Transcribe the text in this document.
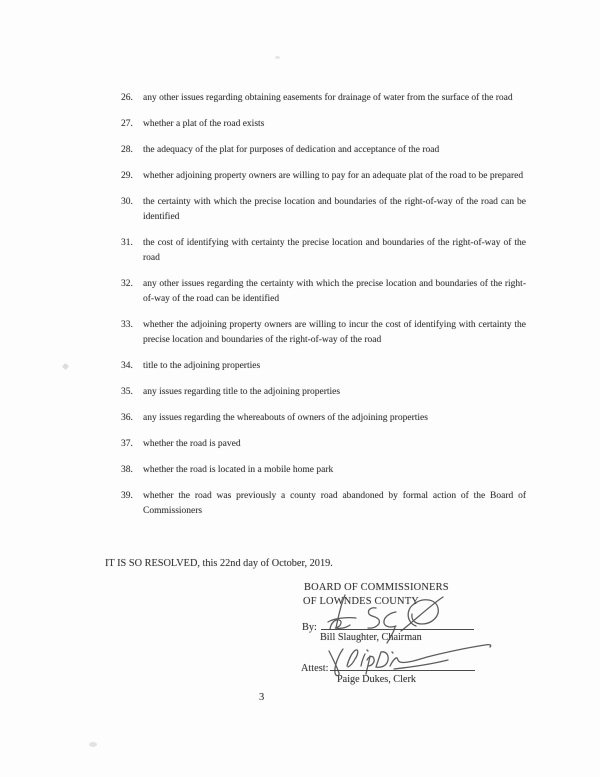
26.	any other issues regarding obtaining easements for drainage of water from the surface of the road
27.	whether a plat of the road exists
28.	the adequacy of the plat for purposes of dedication and acceptance of the road
29.	whether adjoining property owners are willing to pay for an adequate plat of the road to be prepared
30.	the certainty with which the precise location and boundaries of the right-of-way of the road can be identified
31.	the cost of identifying with certainty the precise location and boundaries of the right-of-way of the road
32.	any other issues regarding the certainty with which the precise location and boundaries of the right-of-way of the road can be identified
33.	whether the adjoining property owners are willing to incur the cost of identifying with certainty the precise location and boundaries of the right-of-way of the road
34.	title to the adjoining properties
35.	any issues regarding title to the adjoining properties
36.	any issues regarding the whereabouts of owners of the adjoining properties
37.	whether the road is paved
38.	whether the road is located in a mobile home park
39.	whether the road was previously a county road abandoned by formal action of the Board of Commissioners
IT IS SO RESOLVED, this 22nd day of October, 2019.
BOARD OF COMMISSIONERS
OF LOWNDES COUNTY
By:
Bill Slaughter, Chairman
Attest:
Paige Dukes, Clerk
3
